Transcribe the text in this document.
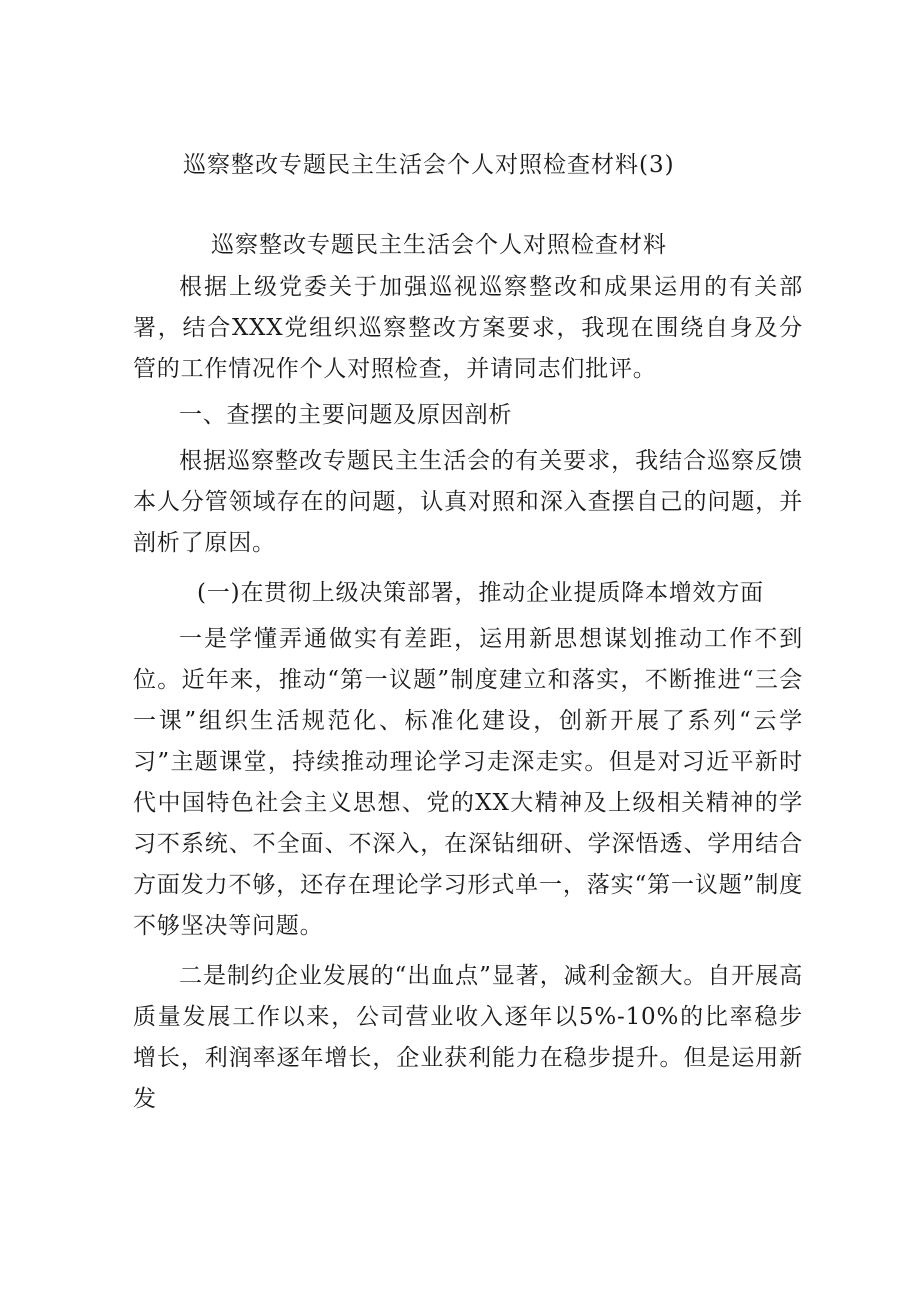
巡察整改专题民主生活会个人对照检查材料(3)
巡察整改专题民主生活会个人对照检查材料

根据上级党委关于加强巡视巡察整改和成果运用的有关部署，结合XXX党组织巡察整改方案要求，我现在围绕自身及分管的工作情况作个人对照检查，并请同志们批评。

一、查摆的主要问题及原因剖析

根据巡察整改专题民主生活会的有关要求，我结合巡察反馈本人分管领域存在的问题，认真对照和深入查摆自己的问题，并剖析了原因。

(一)在贯彻上级决策部署，推动企业提质降本增效方面

一是学懂弄通做实有差距，运用新思想谋划推动工作不到位。近年来，推动“第一议题”制度建立和落实，不断推进“三会一课”组织生活规范化、标准化建设，创新开展了系列“云学习”主题课堂，持续推动理论学习走深走实。但是对习近平新时代中国特色社会主义思想、党的XX大精神及上级相关精神的学习不系统、不全面、不深入，在深钻细研、学深悟透、学用结合方面发力不够，还存在理论学习形式单一，落实“第一议题”制度不够坚决等问题。

二是制约企业发展的“出血点”显著，减利金额大。自开展高质量发展工作以来，公司营业收入逐年以5%-10%的比率稳步增长，利润率逐年增长，企业获利能力在稳步提升。但是运用新发
